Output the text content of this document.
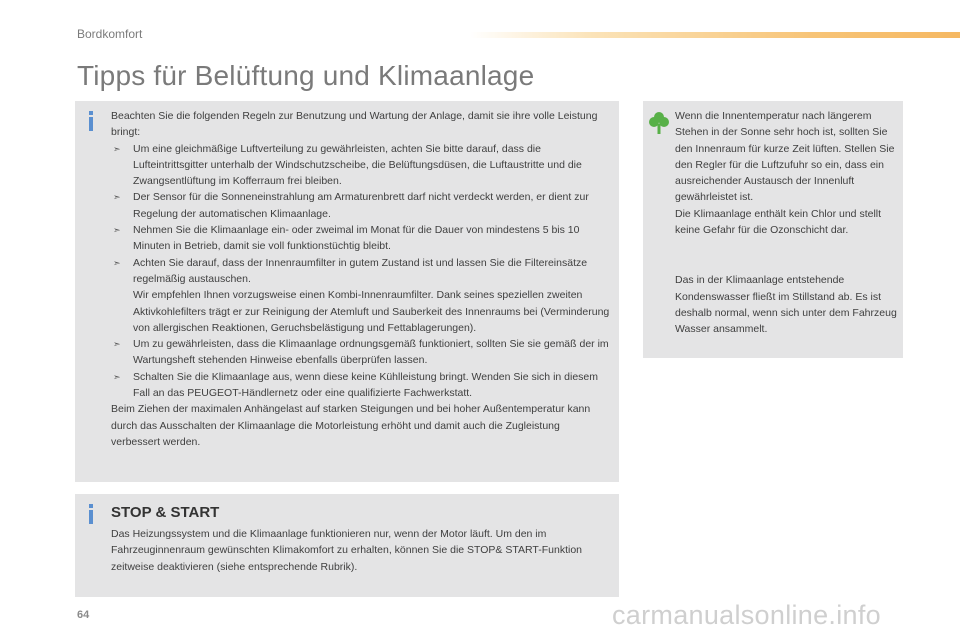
Bordkomfort
Tipps für Belüftung und Klimaanlage

Beachten Sie die folgenden Regeln zur Benutzung und Wartung der Anlage, damit sie ihre volle Leistung bringt:

➣ Um eine gleichmäßige Luftverteilung zu gewährleisten, achten Sie bitte darauf, dass die Lufteintrittsgitter unterhalb der Windschutzscheibe, die Belüftungsdüsen, die Luftaustritte und die Zwangsentlüftung im Kofferraum frei bleiben.
➣ Der Sensor für die Sonneneinstrahlung am Armaturenbrett darf nicht verdeckt werden, er dient zur Regelung der automatischen Klimaanlage.
➣ Nehmen Sie die Klimaanlage ein- oder zweimal im Monat für die Dauer von mindestens 5 bis 10 Minuten in Betrieb, damit sie voll funktionstüchtig bleibt.
➣ Achten Sie darauf, dass der Innenraumfilter in gutem Zustand ist und lassen Sie die Filtereinsätze regelmäßig austauschen.
Wir empfehlen Ihnen vorzugsweise einen Kombi-Innenraumfilter. Dank seines speziellen zweiten Aktivkohlefilters trägt er zur Reinigung der Atemluft und Sauberkeit des Innenraums bei (Verminderung von allergischen Reaktionen, Geruchsbelästigung und Fettablagerungen).
➣ Um zu gewährleisten, dass die Klimaanlage ordnungsgemäß funktioniert, sollten Sie sie gemäß der im Wartungsheft stehenden Hinweise ebenfalls überprüfen lassen.
➣ Schalten Sie die Klimaanlage aus, wenn diese keine Kühlleistung bringt. Wenden Sie sich in diesem Fall an das PEUGEOT-Händlernetz oder eine qualifizierte Fachwerkstatt.

Beim Ziehen der maximalen Anhängelast auf starken Steigungen und bei hoher Außentemperatur kann durch das Ausschalten der Klimaanlage die Motorleistung erhöht und damit auch die Zugleistung verbessert werden.

Wenn die Innentemperatur nach längerem Stehen in der Sonne sehr hoch ist, sollten Sie den Innenraum für kurze Zeit lüften. Stellen Sie den Regler für die Luftzufuhr so ein, dass ein ausreichender Austausch der Innenluft gewährleistet ist.

Die Klimaanlage enthält kein Chlor und stellt keine Gefahr für die Ozonschicht dar.

Das in der Klimaanlage entstehende Kondenswasser fließt im Stillstand ab. Es ist deshalb normal, wenn sich unter dem Fahrzeug Wasser ansammelt.

STOP & START

Das Heizungssystem und die Klimaanlage funktionieren nur, wenn der Motor läuft. Um den im Fahrzeuginnenraum gewünschten Klimakomfort zu erhalten, können Sie die STOP& START-Funktion zeitweise deaktivieren (siehe entsprechende Rubrik).

64	carmanualsonline.info
